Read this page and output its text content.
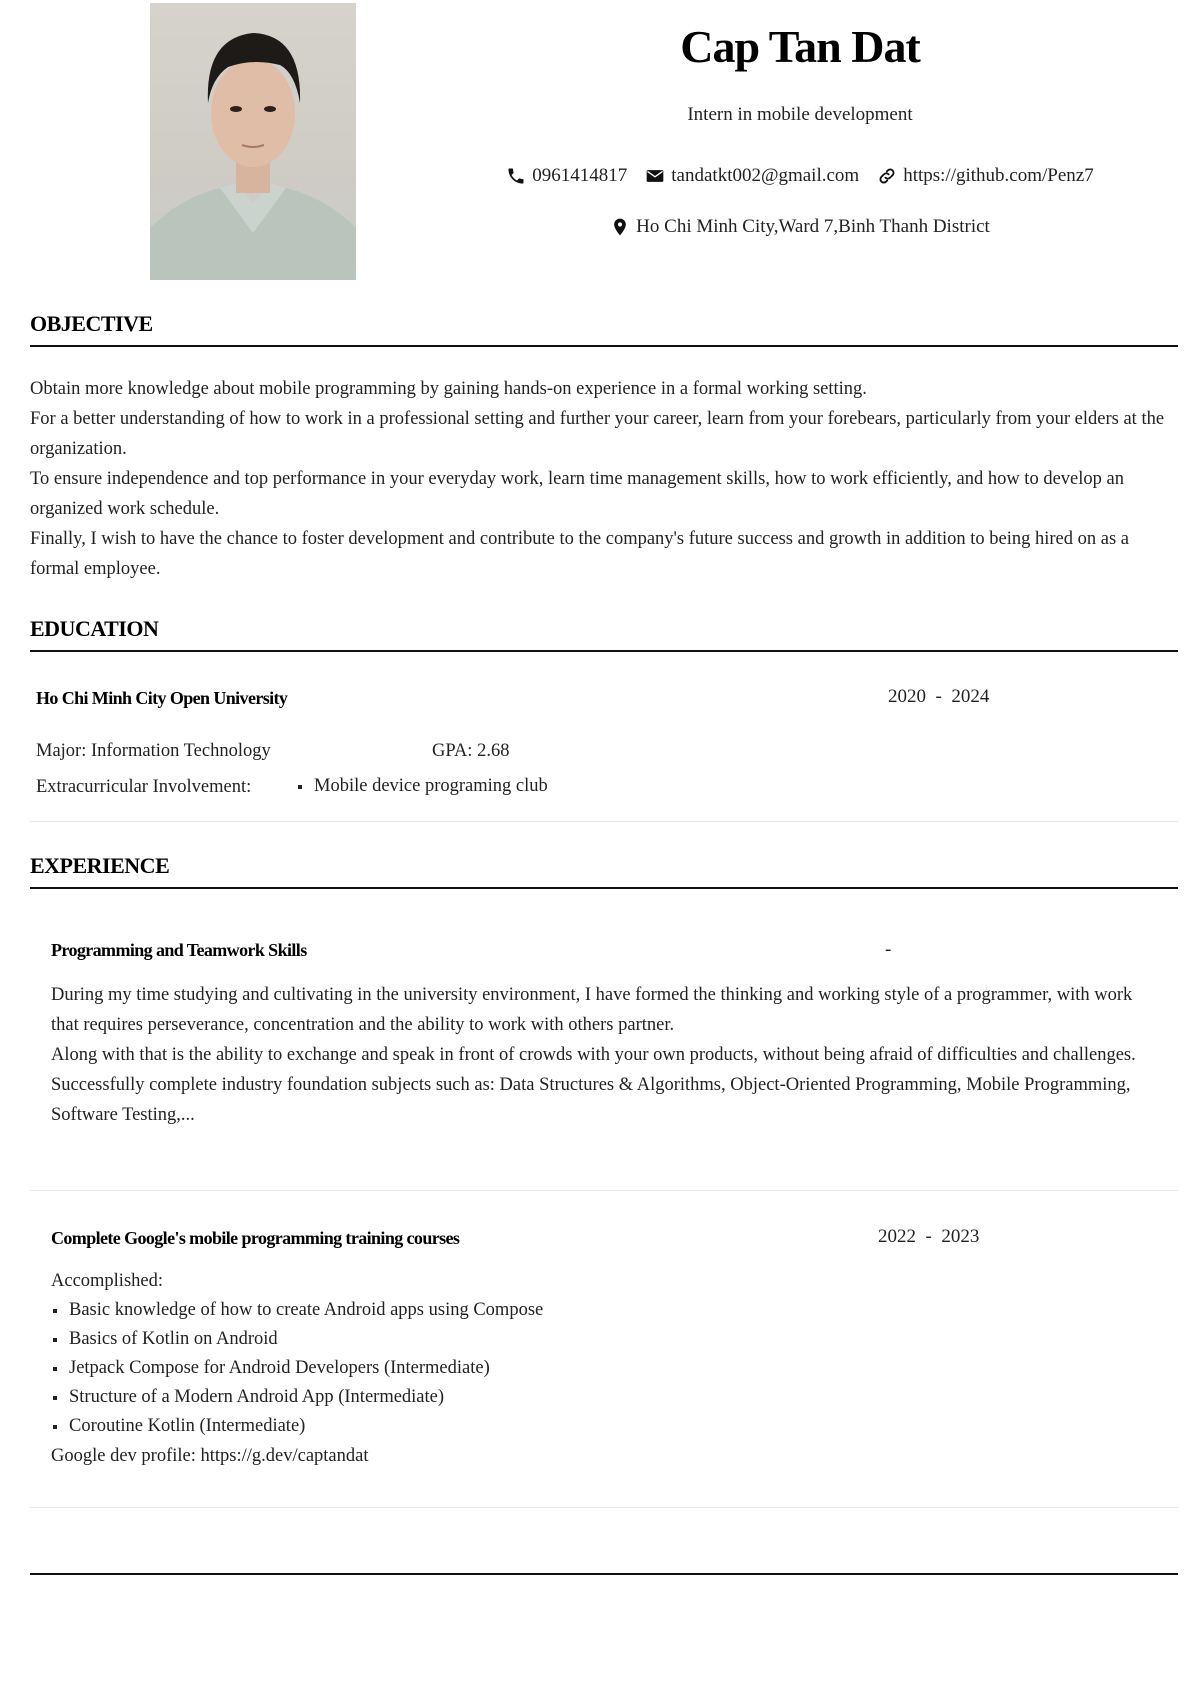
Cap Tan Dat
Intern in mobile development
0961414817 tandatkt002@gmail.com https://github.com/Penz7
Ho Chi Minh City,Ward 7,Binh Thanh District
OBJECTIVE

Obtain more knowledge about mobile programming by gaining hands-on experience in a formal working setting.

For a better understanding of how to work in a professional setting and further your career, learn from your forebears, particularly from your elders at the organization.

To ensure independence and top performance in your everyday work, learn time management skills, how to work efficiently, and how to develop an organized work schedule.

Finally, I wish to have the chance to foster development and contribute to the company's future success and growth in addition to being hired on as a formal employee.

EDUCATION
Ho Chi Minh City Open University	2020  -  2024
Major: Information Technology	GPA: 2.68
Extracurricular Involvement:	Mobile device programing club
EXPERIENCE
Programming and Teamwork Skills	-

During my time studying and cultivating in the university environment, I have formed the thinking and working style of a programmer, with work that requires perseverance, concentration and the ability to work with others partner.

Along with that is the ability to exchange and speak in front of crowds with your own products, without being afraid of difficulties and challenges.

Successfully complete industry foundation subjects such as: Data Structures & Algorithms, Object-Oriented Programming, Mobile Programming, Software Testing,...

Complete Google's mobile programming training courses	2022  -  2023

Accomplished:

Basic knowledge of how to create Android apps using Compose
Basics of Kotlin on Android
Jetpack Compose for Android Developers (Intermediate)
Structure of a Modern Android App (Intermediate)
Coroutine Kotlin (Intermediate)

Google dev profile: https://g.dev/captandat
